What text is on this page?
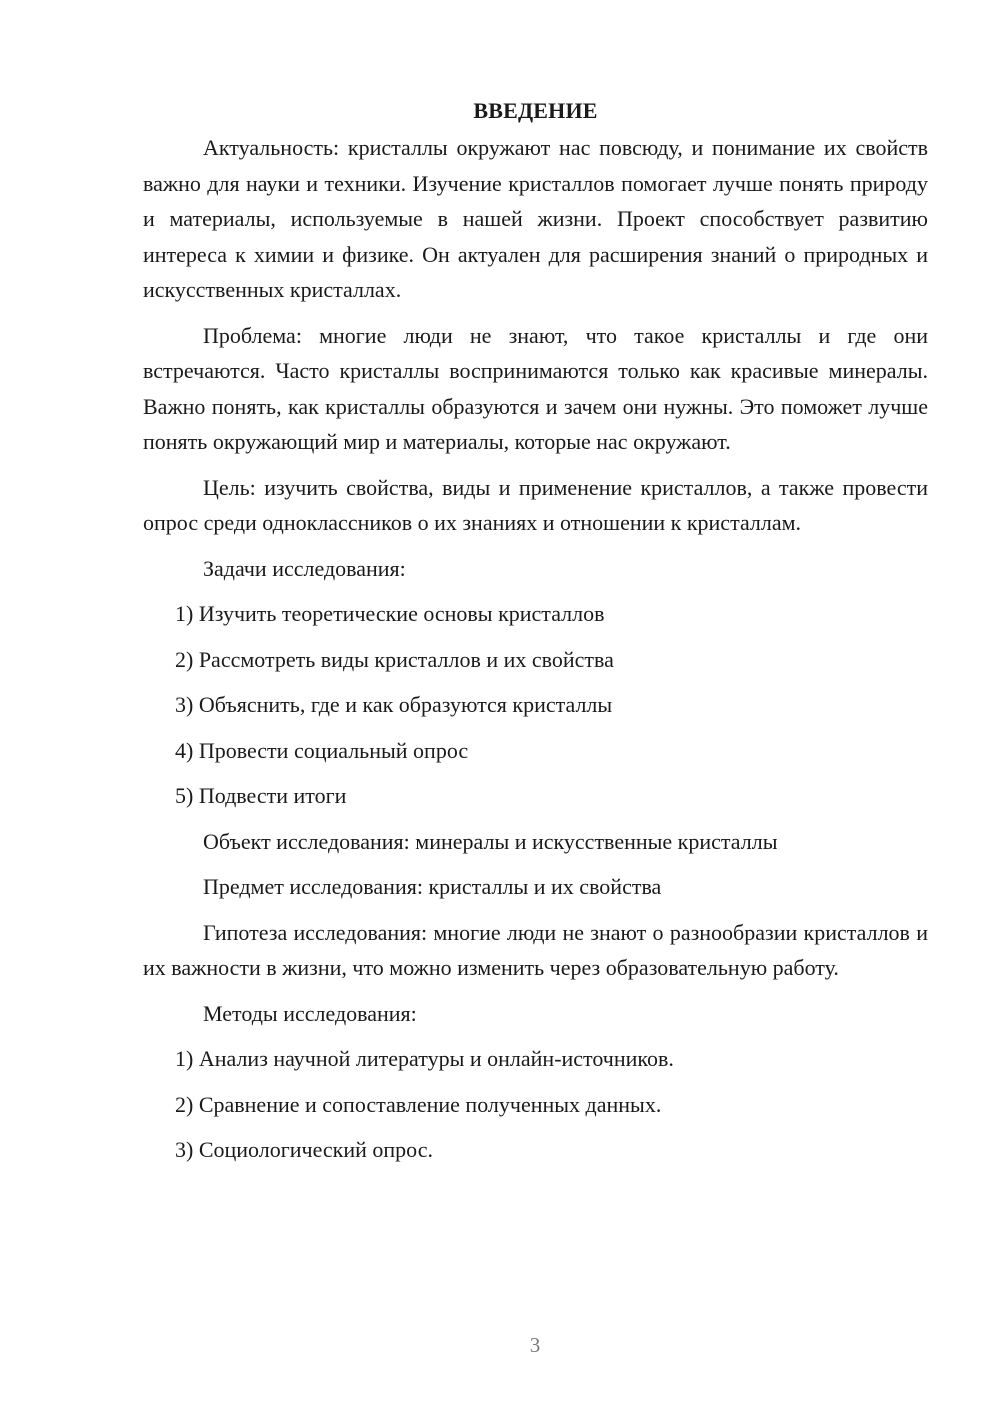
ВВЕДЕНИЕ

Актуальность: кристаллы окружают нас повсюду, и понимание их свойств важно для науки и техники. Изучение кристаллов помогает лучше понять природу и материалы, используемые в нашей жизни. Проект способствует развитию интереса к химии и физике. Он актуален для расширения знаний о природных и искусственных кристаллах.

Проблема: многие люди не знают, что такое кристаллы и где они встречаются. Часто кристаллы воспринимаются только как красивые минералы. Важно понять, как кристаллы образуются и зачем они нужны. Это поможет лучше понять окружающий мир и материалы, которые нас окружают.

Цель: изучить свойства, виды и применение кристаллов, а также провести опрос среди одноклассников о их знаниях и отношении к кристаллам.

Задачи исследования:
1) Изучить теоретические основы кристаллов
2) Рассмотреть виды кристаллов и их свойства
3) Объяснить, где и как образуются кристаллы
4) Провести социальный опрос
5) Подвести итоги
Объект исследования: минералы и искусственные кристаллы
Предмет исследования: кристаллы и их свойства

Гипотеза исследования: многие люди не знают о разнообразии кристаллов и их важности в жизни, что можно изменить через образовательную работу.

Методы исследования:
1) Анализ научной литературы и онлайн-источников.
2) Сравнение и сопоставление полученных данных.
3) Социологический опрос.
3
